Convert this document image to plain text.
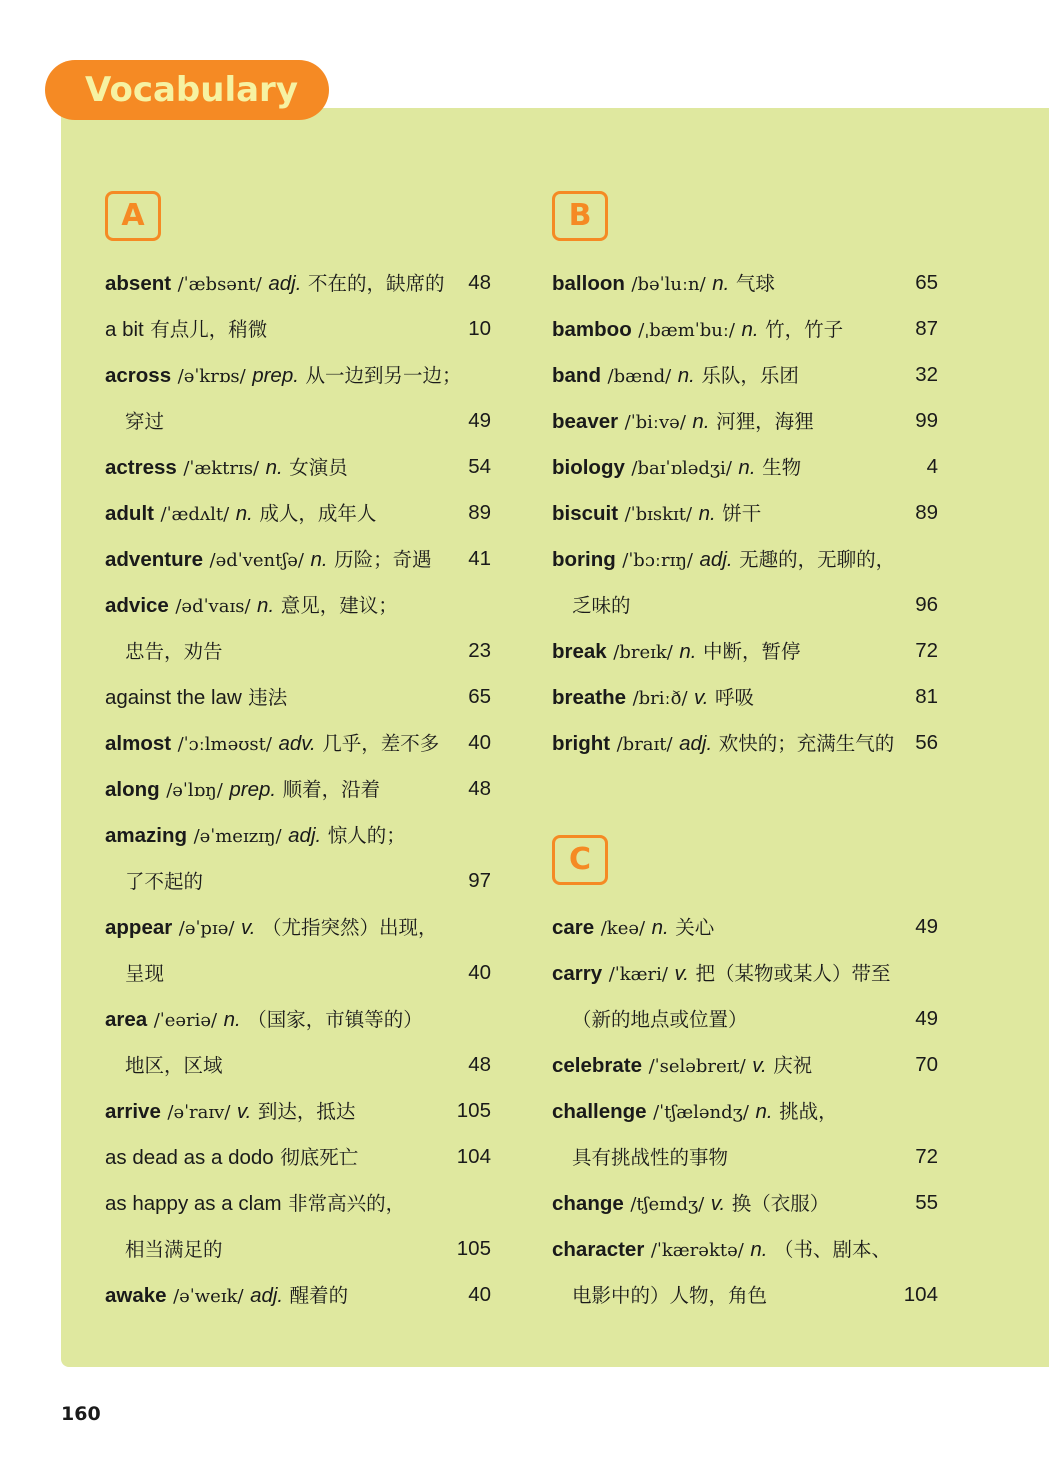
Vocabulary
A	B
C
absent /ˈæbsənt/ adj. 不在的，缺席的 48
a bit 有点儿，稍微	10
across /əˈkrɒs/ prep. 从一边到另一边；
穿过	49
actress /ˈæktrɪs/ n. 女演员	54
adult /ˈædʌlt/ n. 成人，成年人	89
adventure /ədˈventʃə/ n. 历险；奇遇 41
advice /ədˈvaɪs/ n. 意见，建议；
忠告，劝告	23
against the law 违法	65
almost /ˈɔːlməʊst/ adv. 几乎，差不多 40
along /əˈlɒŋ/ prep. 顺着，沿着	48
amazing /əˈmeɪzɪŋ/ adj. 惊人的；
了不起的	97
appear /əˈpɪə/ v. （尤指突然）出现，
呈现	40
area /ˈeəriə/ n. （国家，市镇等的）
地区，区域	48
arrive /əˈraɪv/ v. 到达，抵达	105
as dead as a dodo 彻底死亡	104
as happy as a clam 非常高兴的，
相当满足的	105
awake /əˈweɪk/ adj. 醒着的	40
balloon /bəˈluːn/ n. 气球	65
bamboo /ˌbæmˈbuː/ n. 竹，竹子	87
band /bænd/ n. 乐队，乐团	32
beaver /ˈbiːvə/ n. 河狸，海狸	99
biology /baɪˈɒlədʒi/ n. 生物	4
biscuit /ˈbɪskɪt/ n. 饼干	89
boring /ˈbɔːrɪŋ/ adj. 无趣的，无聊的，
乏味的	96
break /breɪk/ n. 中断，暂停	72
breathe /briːð/ v. 呼吸	81
bright /braɪt/ adj. 欢快的；充满生气的 56
care /keə/ n. 关心	49
carry /ˈkæri/ v. 把（某物或某人）带至
（新的地点或位置）	49
celebrate /ˈseləbreɪt/ v. 庆祝	70
challenge /ˈtʃæləndʒ/ n. 挑战，
具有挑战性的事物	72
change /tʃeɪndʒ/ v. 换（衣服）	55
character /ˈkærəktə/ n. （书、剧本、
电影中的）人物，角色	104
160
